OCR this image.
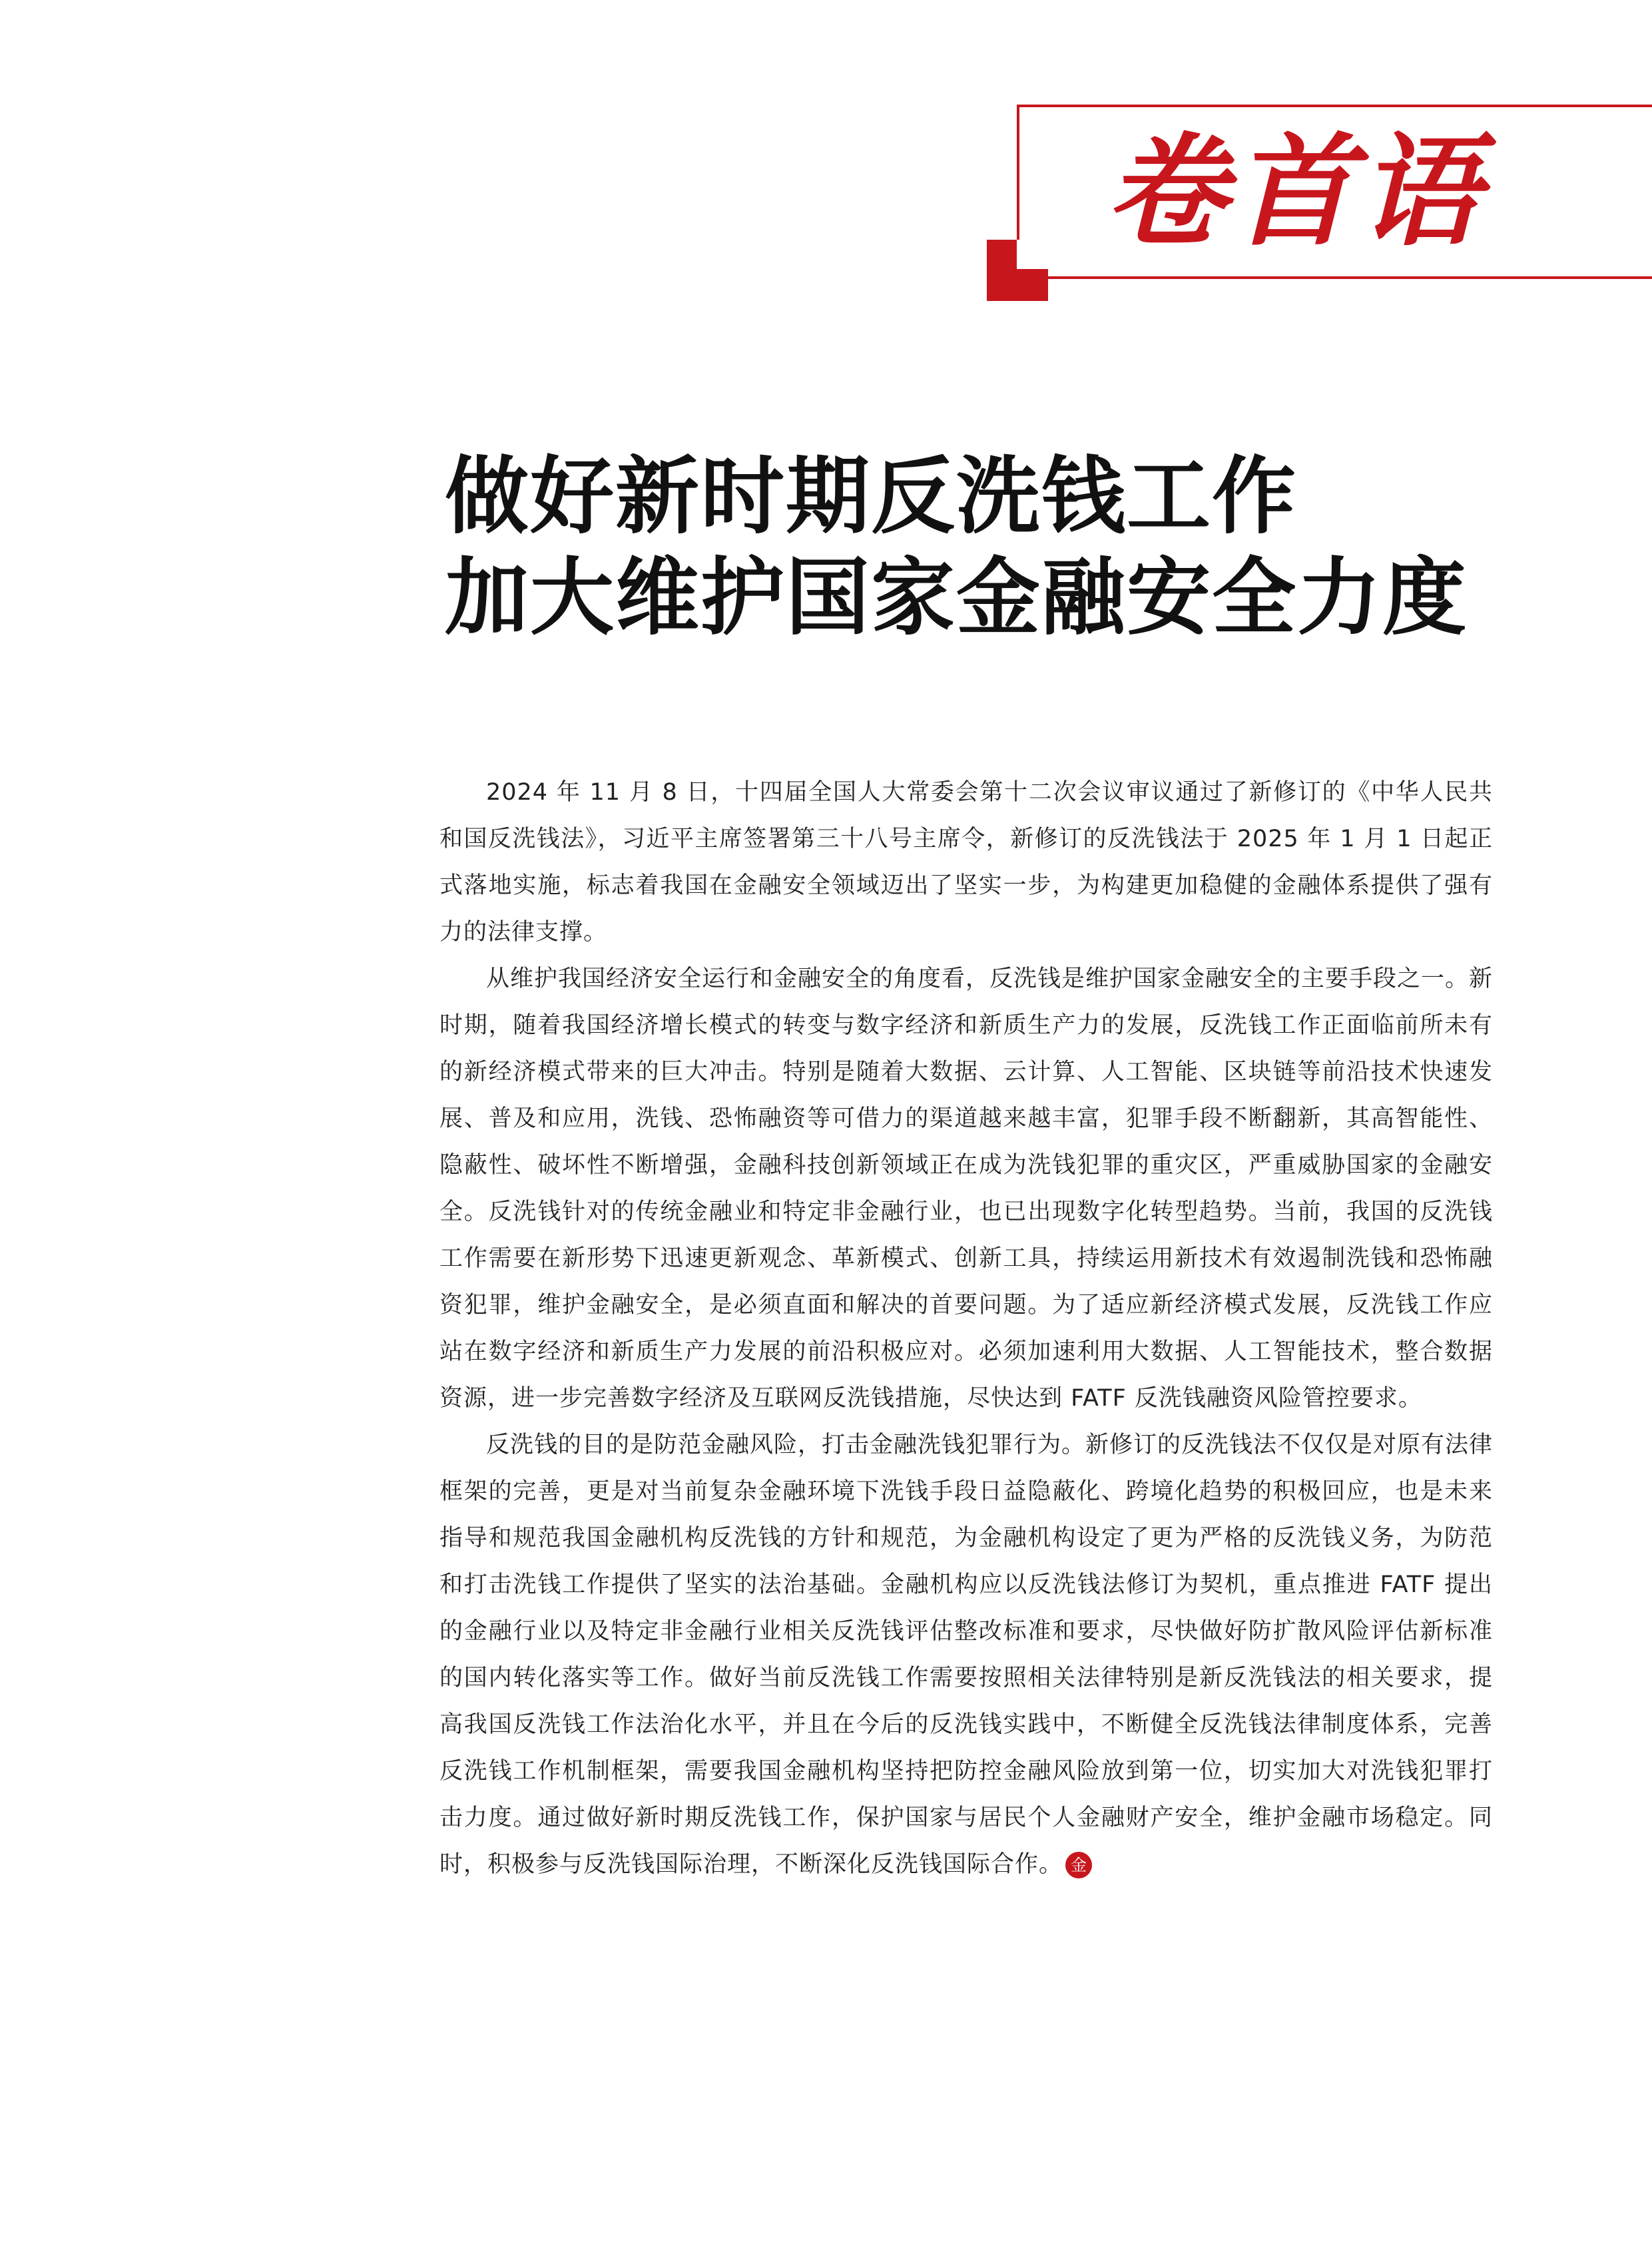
卷首语
做好新时期反洗钱工作
加大维护国家金融安全力度

2024 年 11 月 8 日，十四届全国人大常委会第十二次会议审议通过了新修订的《中华人民共和国反洗钱法》，习近平主席签署第三十八号主席令，新修订的反洗钱法于 2025 年 1 月 1 日起正式落地实施，标志着我国在金融安全领域迈出了坚实一步，为构建更加稳健的金融体系提供了强有力的法律支撑。

从维护我国经济安全运行和金融安全的角度看，反洗钱是维护国家金融安全的主要手段之一。新时期，随着我国经济增长模式的转变与数字经济和新质生产力的发展，反洗钱工作正面临前所未有的新经济模式带来的巨大冲击。特别是随着大数据、云计算、人工智能、区块链等前沿技术快速发展、普及和应用，洗钱、恐怖融资等可借力的渠道越来越丰富，犯罪手段不断翻新，其高智能性、隐蔽性、破坏性不断增强，金融科技创新领域正在成为洗钱犯罪的重灾区，严重威胁国家的金融安全。反洗钱针对的传统金融业和特定非金融行业，也已出现数字化转型趋势。当前，我国的反洗钱工作需要在新形势下迅速更新观念、革新模式、创新工具，持续运用新技术有效遏制洗钱和恐怖融资犯罪，维护金融安全，是必须直面和解决的首要问题。为了适应新经济模式发展，反洗钱工作应站在数字经济和新质生产力发展的前沿积极应对。必须加速利用大数据、人工智能技术，整合数据资源，进一步完善数字经济及互联网反洗钱措施，尽快达到 FATF 反洗钱融资风险管控要求。

反洗钱的目的是防范金融风险，打击金融洗钱犯罪行为。新修订的反洗钱法不仅仅是对原有法律框架的完善，更是对当前复杂金融环境下洗钱手段日益隐蔽化、跨境化趋势的积极回应，也是未来指导和规范我国金融机构反洗钱的方针和规范，为金融机构设定了更为严格的反洗钱义务，为防范和打击洗钱工作提供了坚实的法治基础。金融机构应以反洗钱法修订为契机，重点推进 FATF 提出的金融行业以及特定非金融行业相关反洗钱评估整改标准和要求，尽快做好防扩散风险评估新标准的国内转化落实等工作。做好当前反洗钱工作需要按照相关法律特别是新反洗钱法的相关要求，提高我国反洗钱工作法治化水平，并且在今后的反洗钱实践中，不断健全反洗钱法律制度体系，完善反洗钱工作机制框架，需要我国金融机构坚持把防控金融风险放到第一位，切实加大对洗钱犯罪打击力度。通过做好新时期反洗钱工作，保护国家与居民个人金融财产安全，维护金融市场稳定。同时，积极参与反洗钱国际治理，不断深化反洗钱国际合作。 金
